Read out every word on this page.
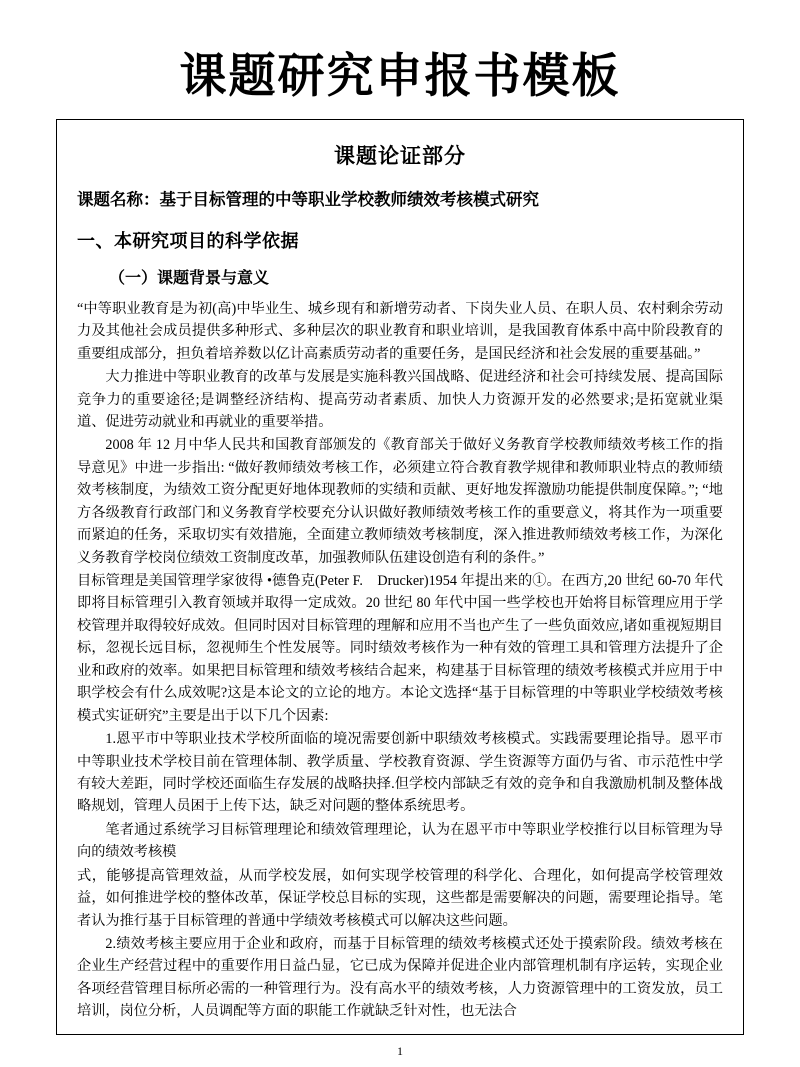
课题研究申报书模板
课题论证部分
课题名称：基于目标管理的中等职业学校教师绩效考核模式研究
一、本研究项目的科学依据
（一）课题背景与意义

“中等职业教育是为初(高)中毕业生、城乡现有和新增劳动者、下岗失业人员、在职人员、农村剩余劳动力及其他社会成员提供多种形式、多种层次的职业教育和职业培训，是我国教育体系中高中阶段教育的重要组成部分，担负着培养数以亿计高素质劳动者的重要任务，是国民经济和社会发展的重要基础。”

大力推进中等职业教育的改革与发展是实施科教兴国战略、促进经济和社会可持续发展、提高国际竞争力的重要途径;是调整经济结构、提高劳动者素质、加快人力资源开发的必然要求;是拓宽就业渠道、促进劳动就业和再就业的重要举措。

2008 年 12 月中华人民共和国教育部颁发的《教育部关于做好义务教育学校教师绩效考核工作的指导意见》中进一步指出: “做好教师绩效考核工作，必须建立符合教育教学规律和教师职业特点的教师绩效考核制度，为绩效工资分配更好地体现教师的实绩和贡献、更好地发挥激励功能提供制度保障。”; “地方各级教育行政部门和义务教育学校要充分认识做好教师绩效考核工作的重要意义，将其作为一项重要而紧迫的任务，采取切实有效措施，全面建立教师绩效考核制度，深入推进教师绩效考核工作，为深化义务教育学校岗位绩效工资制度改革，加强教师队伍建设创造有利的条件。”

目标管理是美国管理学家彼得 •德鲁克(Peter F.　Drucker)1954 年提出来的①。在西方,20 世纪 60-70 年代即将目标管理引入教育领域并取得一定成效。20 世纪 80 年代中国一些学校也开始将目标管理应用于学校管理并取得较好成效。但同时因对目标管理的理解和应用不当也产生了一些负面效应,诸如重视短期目标，忽视长远目标，忽视师生个性发展等。同时绩效考核作为一种有效的管理工具和管理方法提升了企业和政府的效率。如果把目标管理和绩效考核结合起来，构建基于目标管理的绩效考核模式并应用于中职学校会有什么成效呢?这是本论文的立论的地方。本论文选择“基于目标管理的中等职业学校绩效考核模式实证研究”主要是出于以下几个因素:

1.恩平市中等职业技术学校所面临的境况需要创新中职绩效考核模式。实践需要理论指导。恩平市中等职业技术学校目前在管理体制、教学质量、学校教育资源、学生资源等方面仍与省、市示范性中学有较大差距，同时学校还面临生存发展的战略抉择.但学校内部缺乏有效的竞争和自我激励机制及整体战略规划，管理人员困于上传下达，缺乏对问题的整体系统思考。

笔者通过系统学习目标管理理论和绩效管理理论，认为在恩平市中等职业学校推行以目标管理为导向的绩效考核模

式，能够提高管理效益，从而学校发展，如何实现学校管理的科学化、合理化，如何提高学校管理效益，如何推进学校的整体改革，保证学校总目标的实现，这些都是需要解决的问题，需要理论指导。笔者认为推行基于目标管理的普通中学绩效考核模式可以解决这些问题。

2.绩效考核主要应用于企业和政府，而基于目标管理的绩效考核模式还处于摸索阶段。绩效考核在企业生产经营过程中的重要作用日益凸显，它已成为保障并促进企业内部管理机制有序运转，实现企业各项经营管理目标所必需的一种管理行为。没有高水平的绩效考核，人力资源管理中的工资发放，员工培训，岗位分析，人员调配等方面的职能工作就缺乏针对性，也无法合

1
